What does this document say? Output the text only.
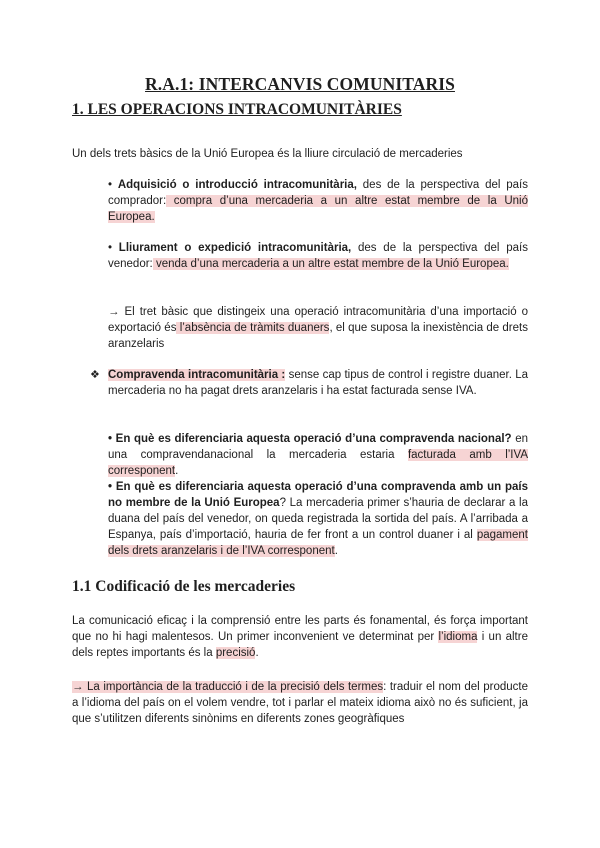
R.A.1: INTERCANVIS COMUNITARIS
1. LES OPERACIONS INTRACOMUNITÀRIES
Un dels trets bàsics de la Unió Europea és la lliure circulació de mercaderies
• Adquisició o introducció intracomunitària, des de la perspectiva del país comprador: compra d’una mercaderia a un altre estat membre de la Unió Europea.
• Lliurament o expedició intracomunitària, des de la perspectiva del país venedor: venda d’una mercaderia a un altre estat membre de la Unió Europea.
→ El tret bàsic que distingeix una operació intracomunitària d’una importació o exportació és l’absència de tràmits duaners, el que suposa la inexistència de drets aranzelaris
❖ Compravenda intracomunitària : sense cap tipus de control i registre duaner. La mercaderia no ha pagat drets aranzelaris i ha estat facturada sense IVA.
• En què es diferenciaria aquesta operació d’una compravenda nacional? en una compravendanacional la mercaderia estaria facturada amb l’IVA corresponent.
• En què es diferenciaria aquesta operació d’una compravenda amb un país no membre de la Unió Europea? La mercaderia primer s’hauria de declarar a la duana del país del venedor, on queda registrada la sortida del país. A l’arribada a Espanya, país d’importació, hauria de fer front a un control duaner i al pagament dels drets aranzelaris i de l’IVA corresponent.
1.1 Codificació de les mercaderies
La comunicació eficaç i la comprensió entre les parts és fonamental, és força important que no hi hagi malentesos. Un primer inconvenient ve determinat per l’idioma i un altre dels reptes importants és la precisió.
→ La importància de la traducció i de la precisió dels termes: traduir el nom del producte a l’idioma del país on el volem vendre, tot i parlar el mateix idioma això no és suficient, ja que s’utilitzen diferents sinònims en diferents zones geogràfiques
